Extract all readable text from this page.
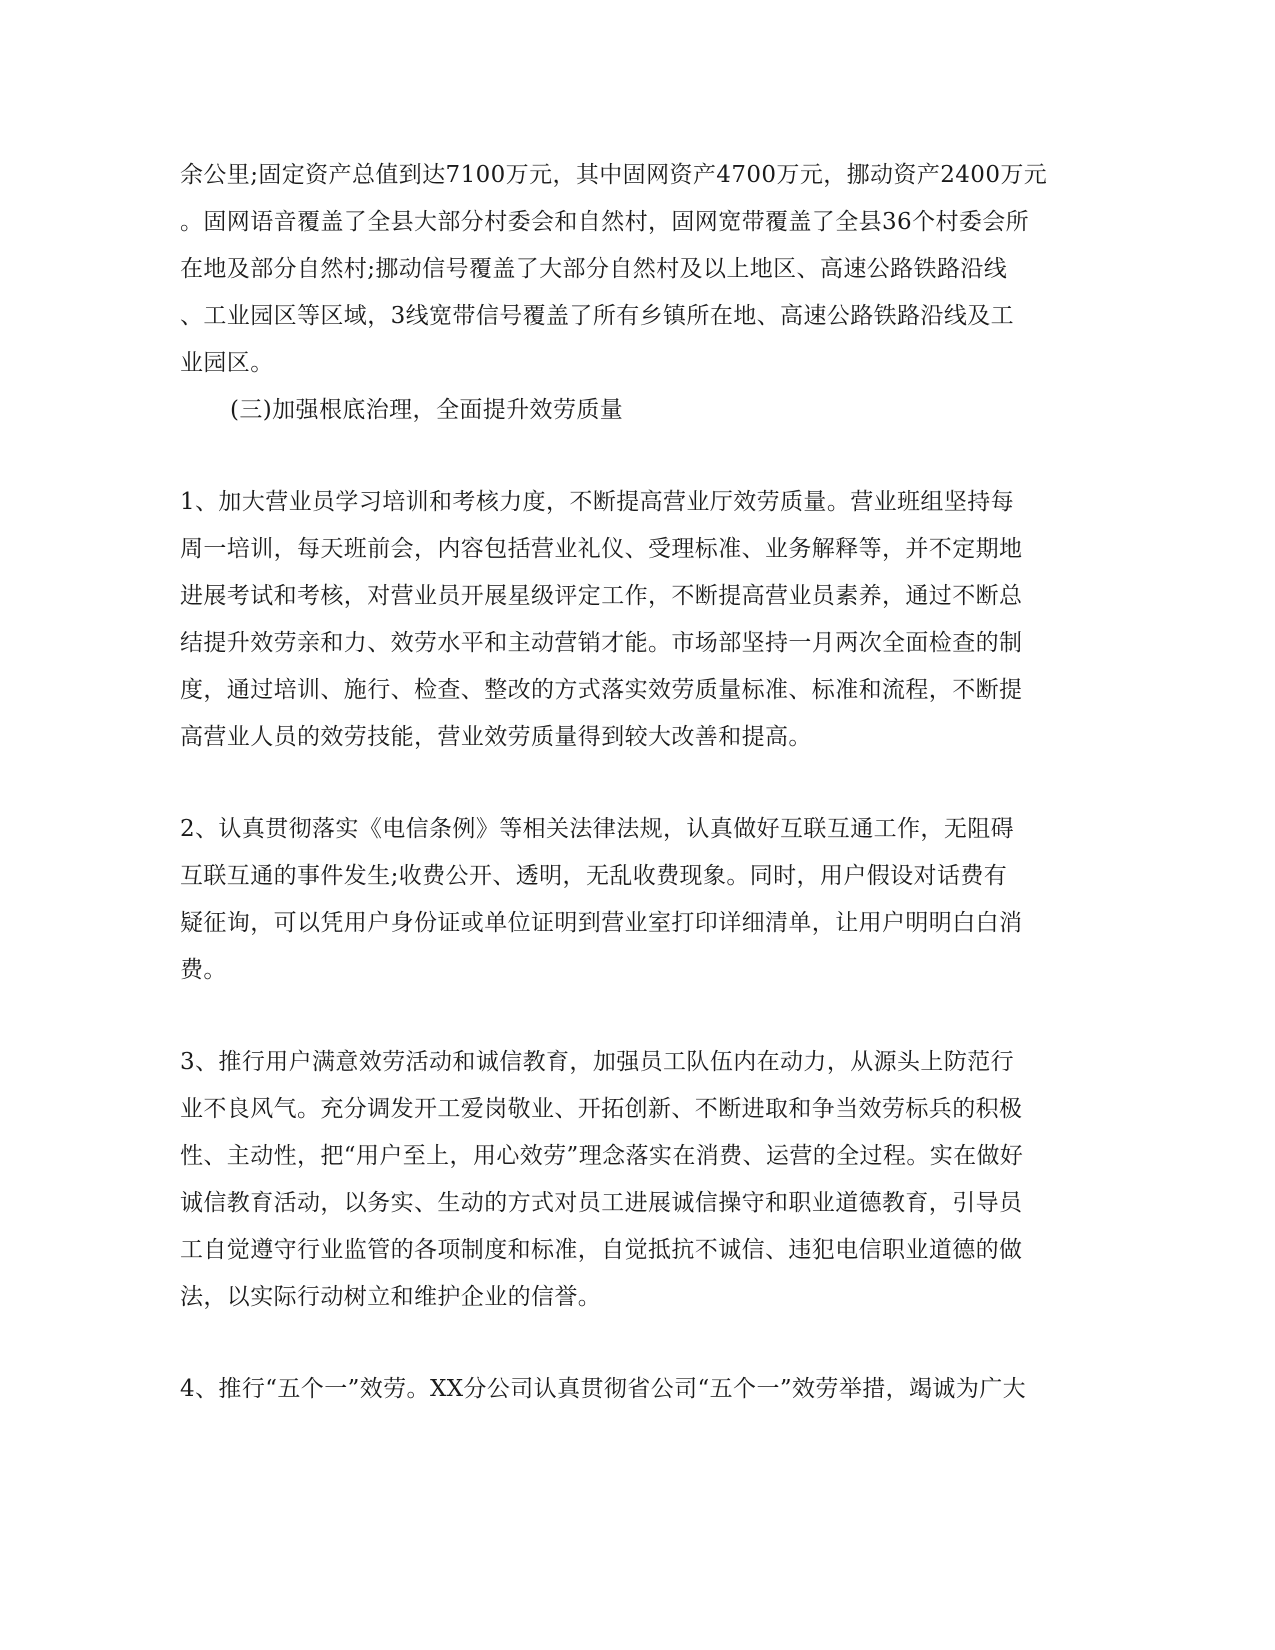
余公里;固定资产总值到达7100万元，其中固网资产4700万元，挪动资产2400万元
。固网语音覆盖了全县大部分村委会和自然村，固网宽带覆盖了全县36个村委会所
在地及部分自然村;挪动信号覆盖了大部分自然村及以上地区、高速公路铁路沿线
、工业园区等区域，3线宽带信号覆盖了所有乡镇所在地、高速公路铁路沿线及工
业园区。
(三)加强根底治理，全面提升效劳质量
1、加大营业员学习培训和考核力度，不断提高营业厅效劳质量。营业班组坚持每
周一培训，每天班前会，内容包括营业礼仪、受理标准、业务解释等，并不定期地
进展考试和考核，对营业员开展星级评定工作，不断提高营业员素养，通过不断总
结提升效劳亲和力、效劳水平和主动营销才能。市场部坚持一月两次全面检查的制
度，通过培训、施行、检查、整改的方式落实效劳质量标准、标准和流程，不断提
高营业人员的效劳技能，营业效劳质量得到较大改善和提高。
2、认真贯彻落实《电信条例》等相关法律法规，认真做好互联互通工作，无阻碍
互联互通的事件发生;收费公开、透明，无乱收费现象。同时，用户假设对话费有
疑征询，可以凭用户身份证或单位证明到营业室打印详细清单，让用户明明白白消
费。
3、推行用户满意效劳活动和诚信教育，加强员工队伍内在动力，从源头上防范行
业不良风气。充分调发开工爱岗敬业、开拓创新、不断进取和争当效劳标兵的积极
性、主动性，把“用户至上，用心效劳”理念落实在消费、运营的全过程。实在做好
诚信教育活动，以务实、生动的方式对员工进展诚信操守和职业道德教育，引导员
工自觉遵守行业监管的各项制度和标准，自觉抵抗不诚信、违犯电信职业道德的做
法，以实际行动树立和维护企业的信誉。
4、推行“五个一”效劳。XX分公司认真贯彻省公司“五个一”效劳举措，竭诚为广大
